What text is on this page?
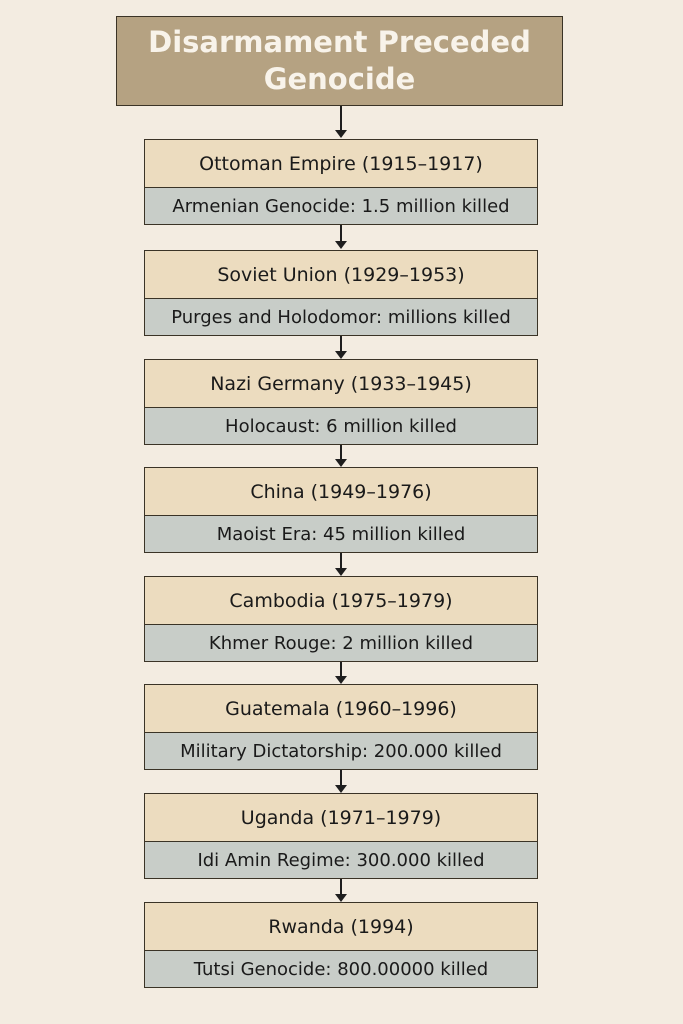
Disarmament Preceded
Genocide
Ottoman Empire (1915–1917)
Armenian Genocide: 1.5 million killed
Soviet Union (1929–1953)
Purges and Holodomor: millions killed
Nazi Germany (1933–1945)
Holocaust: 6 million killed
China (1949–1976)
Maoist Era: 45 million killed
Cambodia (1975–1979)
Khmer Rouge: 2 million killed
Guatemala (1960–1996)
Military Dictatorship: 200.000 killed
Uganda (1971–1979)
Idi Amin Regime: 300.000 killed
Rwanda (1994)
Tutsi Genocide: 800.00000 killed
